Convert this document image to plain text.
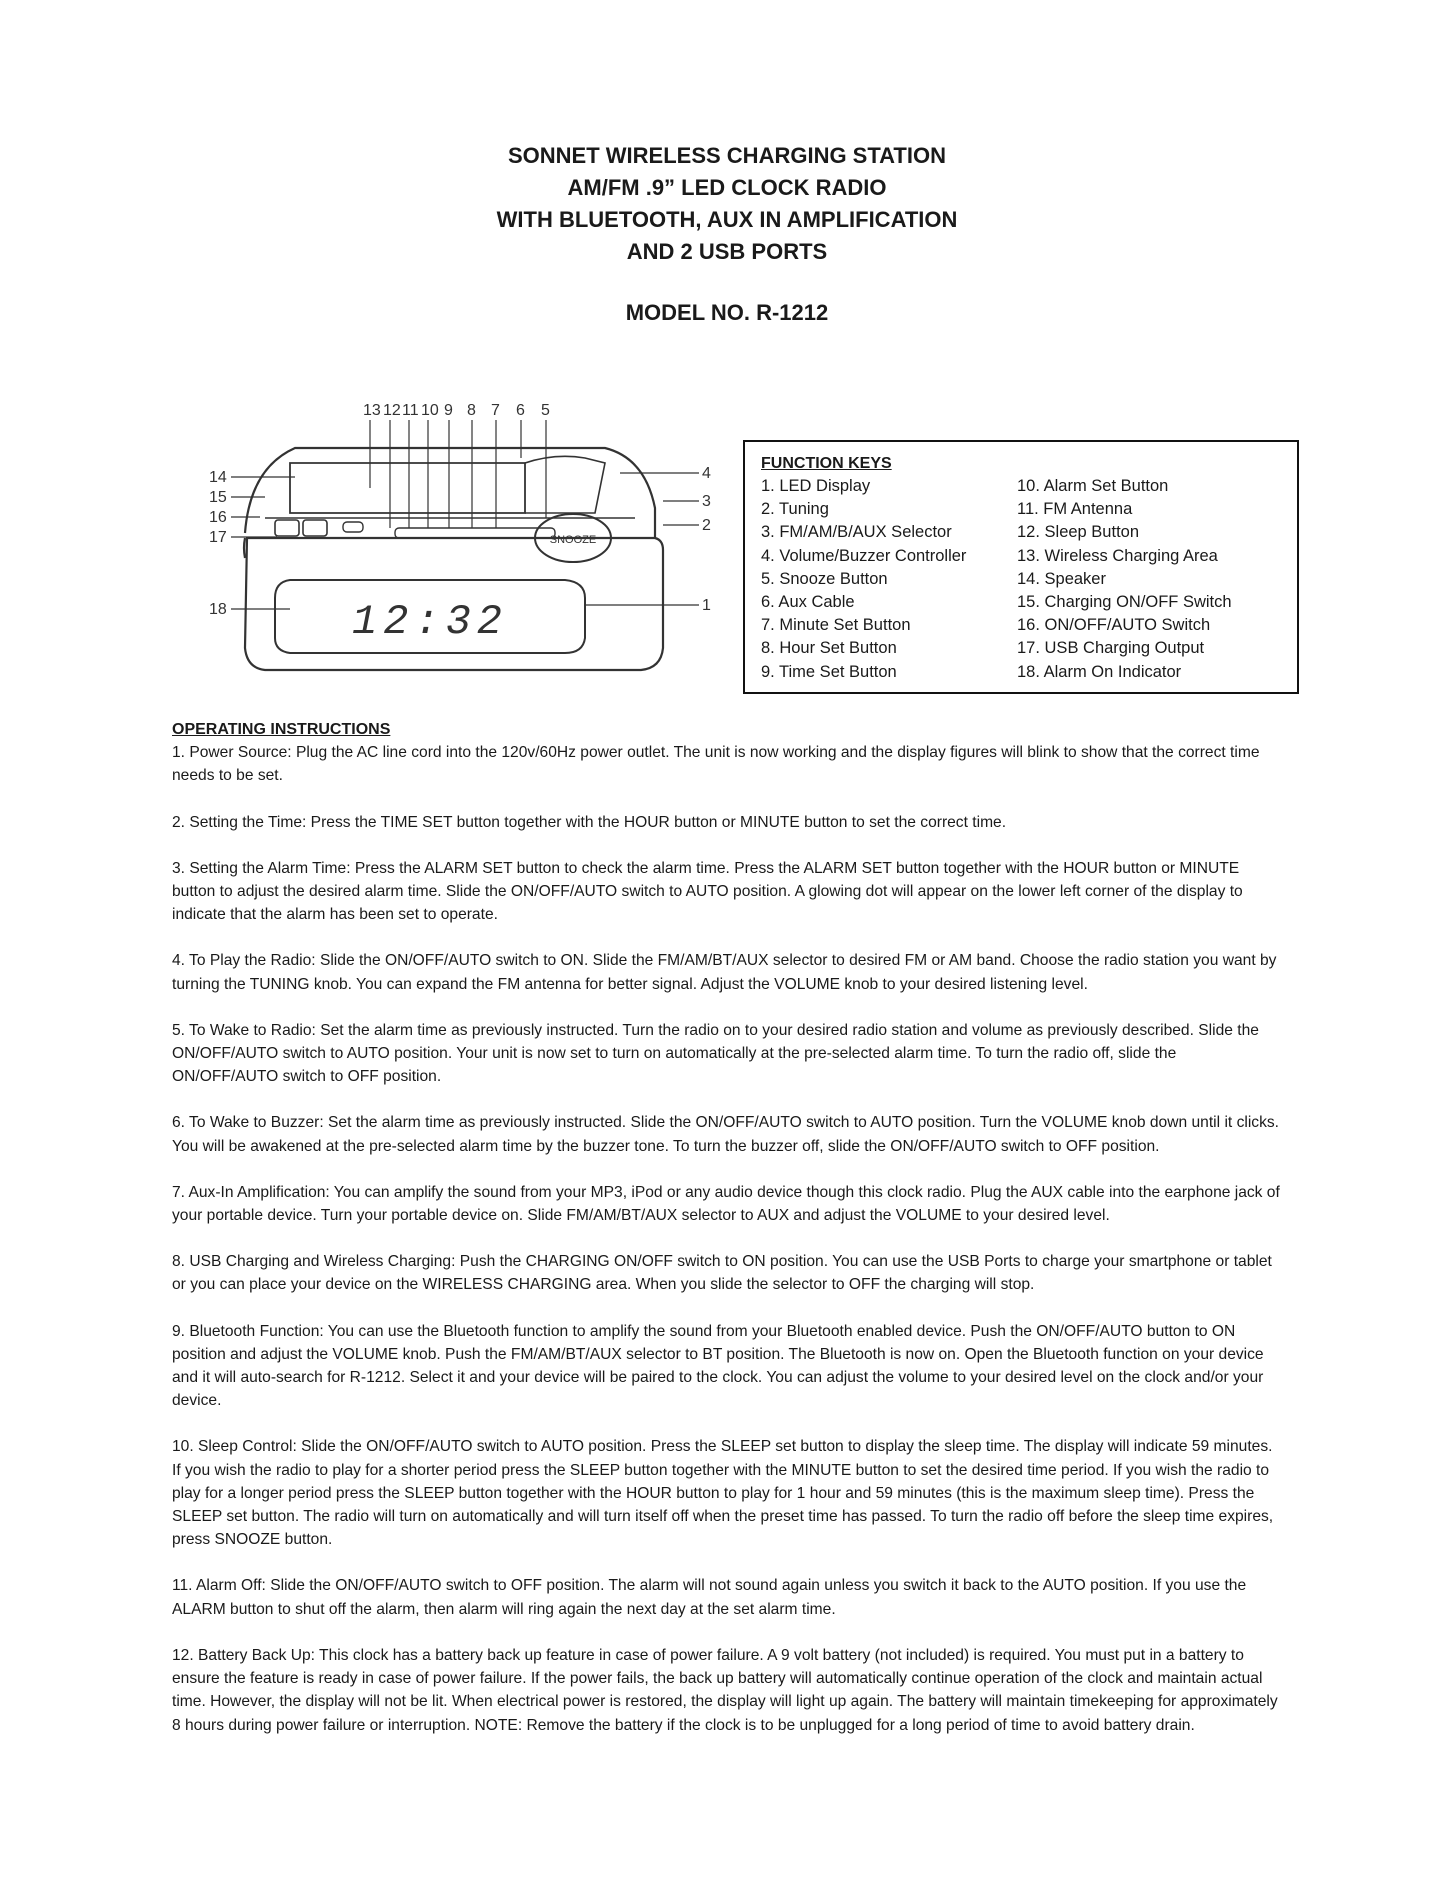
SONNET WIRELESS CHARGING STATION
AM/FM .9” LED CLOCK RADIO
WITH BLUETOOTH, AUX IN AMPLIFICATION
AND 2 USB PORTS
MODEL NO. R-1212
SNOOZE
12:32
13 12 11 10 9 8 7 6 5
4
3
2
1
14
15
16
17
18
FUNCTION KEYS
1. LED Display
2. Tuning
3. FM/AM/B/AUX Selector
4. Volume/Buzzer Controller
5. Snooze Button
6. Aux Cable
7. Minute Set Button
8. Hour Set Button
9. Time Set Button
10. Alarm Set Button
11. FM Antenna
12. Sleep Button
13. Wireless Charging Area
14. Speaker
15. Charging ON/OFF Switch
16. ON/OFF/AUTO Switch
17. USB Charging Output
18. Alarm On Indicator
OPERATING INSTRUCTIONS

1. Power Source: Plug the AC line cord into the 120v/60Hz power outlet. The unit is now working and the display figures will blink to show that the correct time needs to be set.

2. Setting the Time: Press the TIME SET button together with the HOUR button or MINUTE button to set the correct time.

3. Setting the Alarm Time: Press the ALARM SET button to check the alarm time. Press the ALARM SET button together with the HOUR button or MINUTE button to adjust the desired alarm time. Slide the ON/OFF/AUTO switch to AUTO position. A glowing dot will appear on the lower left corner of the display to indicate that the alarm has been set to operate.

4. To Play the Radio: Slide the ON/OFF/AUTO switch to ON. Slide the FM/AM/BT/AUX selector to desired FM or AM band. Choose the radio station you want by turning the TUNING knob. You can expand the FM antenna for better signal. Adjust the VOLUME knob to your desired listening level.

5. To Wake to Radio: Set the alarm time as previously instructed. Turn the radio on to your desired radio station and volume as previously described. Slide the ON/OFF/AUTO switch to AUTO position. Your unit is now set to turn on automatically at the pre-selected alarm time. To turn the radio off, slide the ON/OFF/AUTO switch to OFF position.

6. To Wake to Buzzer: Set the alarm time as previously instructed. Slide the ON/OFF/AUTO switch to AUTO position. Turn the VOLUME knob down until it clicks. You will be awakened at the pre-selected alarm time by the buzzer tone. To turn the buzzer off, slide the ON/OFF/AUTO switch to OFF position.

7. Aux-In Amplification: You can amplify the sound from your MP3, iPod or any audio device though this clock radio. Plug the AUX cable into the earphone jack of your portable device. Turn your portable device on. Slide FM/AM/BT/AUX selector to AUX and adjust the VOLUME to your desired level.

8. USB Charging and Wireless Charging: Push the CHARGING ON/OFF switch to ON position. You can use the USB Ports to charge your smartphone or tablet or you can place your device on the WIRELESS CHARGING area. When you slide the selector to OFF the charging will stop.

9. Bluetooth Function: You can use the Bluetooth function to amplify the sound from your Bluetooth enabled device. Push the ON/OFF/AUTO button to ON position and adjust the VOLUME knob. Push the FM/AM/BT/AUX selector to BT position. The Bluetooth is now on. Open the Bluetooth function on your device and it will auto-search for R-1212. Select it and your device will be paired to the clock. You can adjust the volume to your desired level on the clock and/or your device.

10. Sleep Control: Slide the ON/OFF/AUTO switch to AUTO position. Press the SLEEP set button to display the sleep time. The display will indicate 59 minutes. If you wish the radio to play for a shorter period press the SLEEP button together with the MINUTE button to set the desired time period. If you wish the radio to play for a longer period press the SLEEP button together with the HOUR button to play for 1 hour and 59 minutes (this is the maximum sleep time). Press the SLEEP set button. The radio will turn on automatically and will turn itself off when the preset time has passed. To turn the radio off before the sleep time expires, press SNOOZE button.

11. Alarm Off: Slide the ON/OFF/AUTO switch to OFF position. The alarm will not sound again unless you switch it back to the AUTO position. If you use the ALARM button to shut off the alarm, then alarm will ring again the next day at the set alarm time.

12. Battery Back Up: This clock has a battery back up feature in case of power failure. A 9 volt battery (not included) is required. You must put in a battery to ensure the feature is ready in case of power failure. If the power fails, the back up battery will automatically continue operation of the clock and maintain actual time. However, the display will not be lit. When electrical power is restored, the display will light up again. The battery will maintain timekeeping for approximately 8 hours during power failure or interruption. NOTE: Remove the battery if the clock is to be unplugged for a long period of time to avoid battery drain.
